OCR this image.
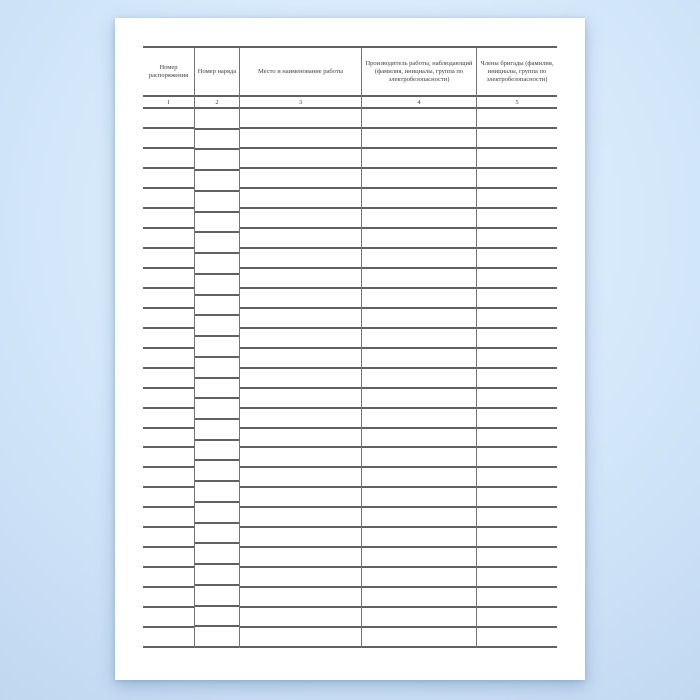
Номер распоряжения
1
Номер наряда
2
Место и наименование работы
3
Производитель работы, наблюдающий (фамилия, инициалы, группа по электробезопасности)
4
Члены бригады (фамилия, инициалы, группа по электробезопасности)
5
